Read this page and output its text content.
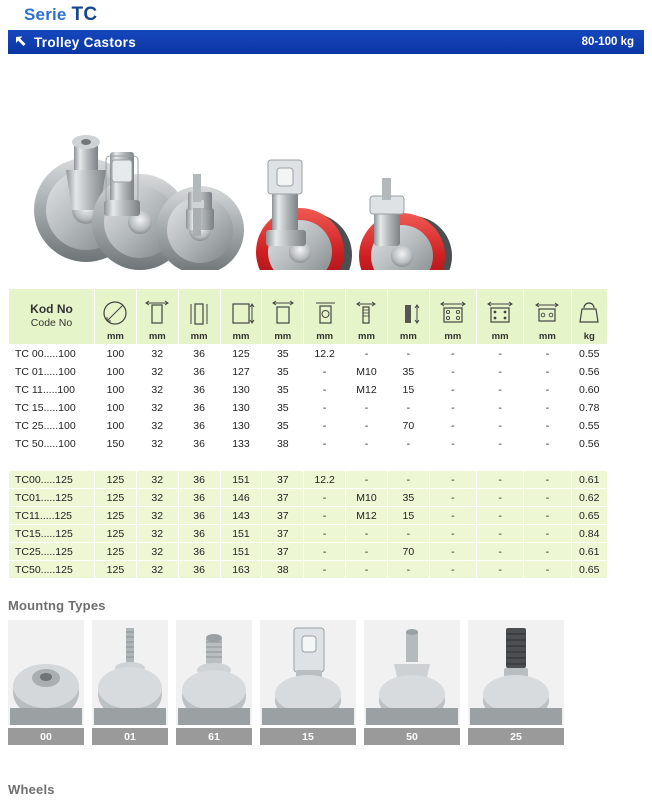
Serie TC
Trolley Castors	80-100 kg
Kod No
Code No	mm	mm	mm	mm	mm	mm	mm	mm	mm	mm	mm	kg

TC 00.....100	100	32	36	125	35	12.2	-	-	-	-	-	0.55
TC 01.....100	100	32	36	127	35	-	M10	35	-	-	-	0.56
TC 11.....100	100	32	36	130	35	-	M12	15	-	-	-	0.60
TC 15.....100	100	32	36	130	35	-	-	-	-	-	-	0.78
TC 25.....100	100	32	36	130	35	-	-	70	-	-	-	0.55
TC 50.....100	150	32	36	133	38	-	-	-	-	-	-	0.56

TC00.....125	125	32	36	151	37	12.2	-	-	-	-	-	0.61
TC01.....125	125	32	36	146	37	-	M10	35	-	-	-	0.62
TC11.....125	125	32	36	143	37	-	M12	15	-	-	-	0.65
TC15.....125	125	32	36	151	37	-	-	-	-	-	-	0.84
TC25.....125	125	32	36	151	37	-	-	70	-	-	-	0.61
TC50.....125	125	32	36	163	38	-	-	-	-	-	-	0.65
Mountng Types
00	01	61	15	50	25
Wheels
